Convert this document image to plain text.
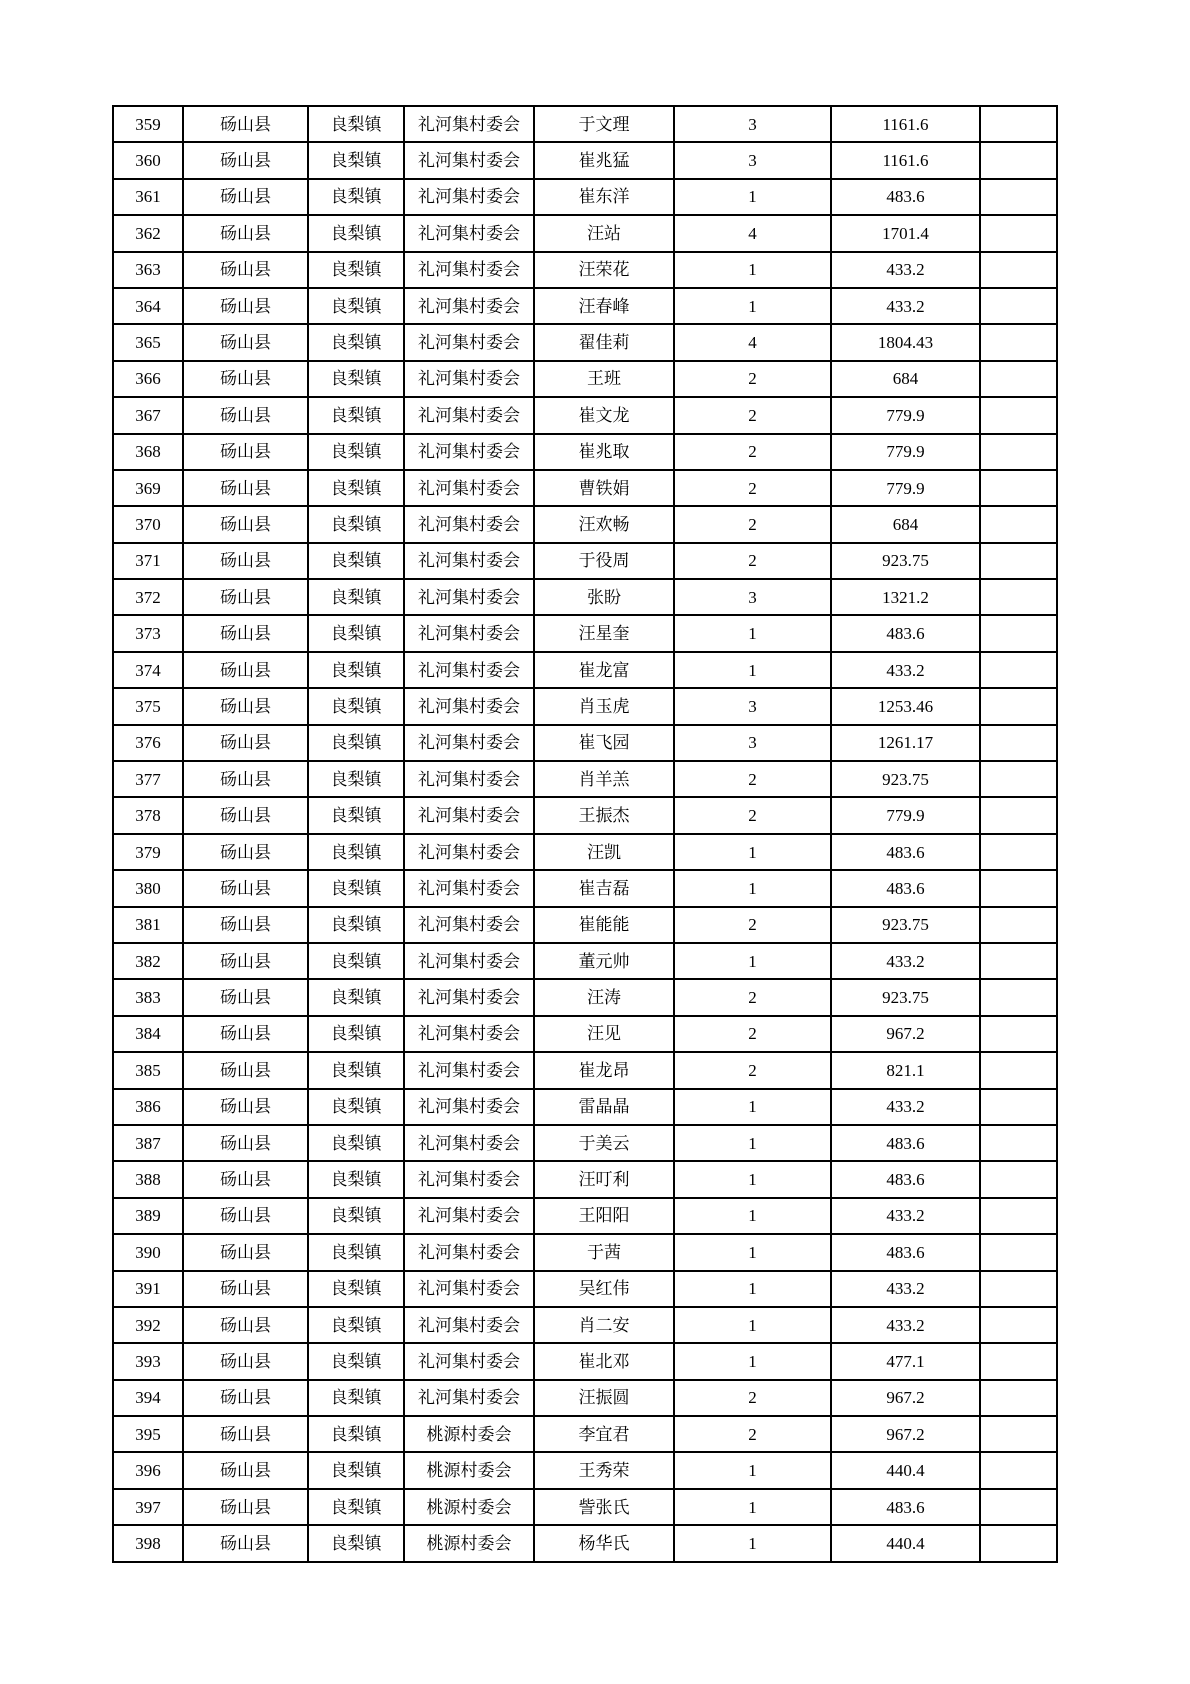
359	砀山县	良梨镇	礼河集村委会	于文理	3	1161.6	
360	砀山县	良梨镇	礼河集村委会	崔兆猛	3	1161.6	
361	砀山县	良梨镇	礼河集村委会	崔东洋	1	483.6	
362	砀山县	良梨镇	礼河集村委会	汪站	4	1701.4	
363	砀山县	良梨镇	礼河集村委会	汪荣花	1	433.2	
364	砀山县	良梨镇	礼河集村委会	汪春峰	1	433.2	
365	砀山县	良梨镇	礼河集村委会	翟佳莉	4	1804.43	
366	砀山县	良梨镇	礼河集村委会	王班	2	684	
367	砀山县	良梨镇	礼河集村委会	崔文龙	2	779.9	
368	砀山县	良梨镇	礼河集村委会	崔兆取	2	779.9	
369	砀山县	良梨镇	礼河集村委会	曹铁娟	2	779.9	
370	砀山县	良梨镇	礼河集村委会	汪欢畅	2	684	
371	砀山县	良梨镇	礼河集村委会	于役周	2	923.75	
372	砀山县	良梨镇	礼河集村委会	张盼	3	1321.2	
373	砀山县	良梨镇	礼河集村委会	汪星奎	1	483.6	
374	砀山县	良梨镇	礼河集村委会	崔龙富	1	433.2	
375	砀山县	良梨镇	礼河集村委会	肖玉虎	3	1253.46	
376	砀山县	良梨镇	礼河集村委会	崔飞园	3	1261.17	
377	砀山县	良梨镇	礼河集村委会	肖羊羔	2	923.75	
378	砀山县	良梨镇	礼河集村委会	王振杰	2	779.9	
379	砀山县	良梨镇	礼河集村委会	汪凯	1	483.6	
380	砀山县	良梨镇	礼河集村委会	崔吉磊	1	483.6	
381	砀山县	良梨镇	礼河集村委会	崔能能	2	923.75	
382	砀山县	良梨镇	礼河集村委会	董元帅	1	433.2	
383	砀山县	良梨镇	礼河集村委会	汪涛	2	923.75	
384	砀山县	良梨镇	礼河集村委会	汪见	2	967.2	
385	砀山县	良梨镇	礼河集村委会	崔龙昂	2	821.1	
386	砀山县	良梨镇	礼河集村委会	雷晶晶	1	433.2	
387	砀山县	良梨镇	礼河集村委会	于美云	1	483.6	
388	砀山县	良梨镇	礼河集村委会	汪叮利	1	483.6	
389	砀山县	良梨镇	礼河集村委会	王阳阳	1	433.2	
390	砀山县	良梨镇	礼河集村委会	于茜	1	483.6	
391	砀山县	良梨镇	礼河集村委会	吴红伟	1	433.2	
392	砀山县	良梨镇	礼河集村委会	肖二安	1	433.2	
393	砀山县	良梨镇	礼河集村委会	崔北邓	1	477.1	
394	砀山县	良梨镇	礼河集村委会	汪振圆	2	967.2	
395	砀山县	良梨镇	桃源村委会	李宜君	2	967.2	
396	砀山县	良梨镇	桃源村委会	王秀荣	1	440.4	
397	砀山县	良梨镇	桃源村委会	訾张氏	1	483.6	
398	砀山县	良梨镇	桃源村委会	杨华氏	1	440.4	
